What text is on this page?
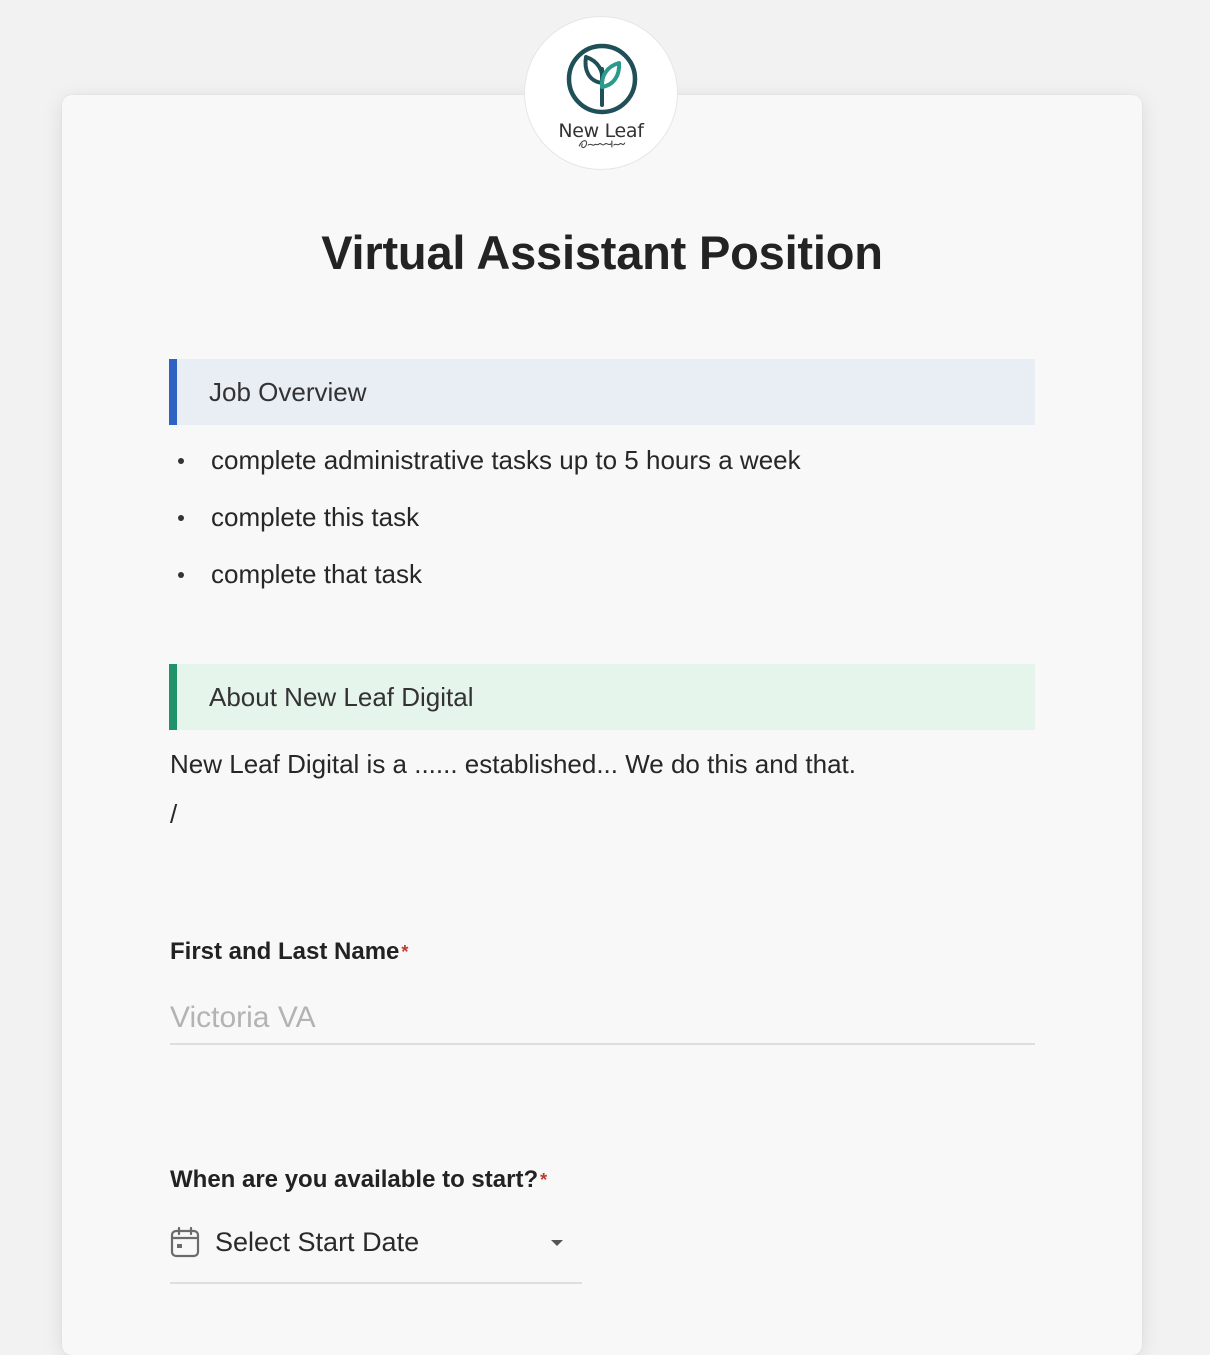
New Leaf
Virtual Assistant Position
Job Overview
complete administrative tasks up to 5 hours a week
complete this task
complete that task
About New Leaf Digital

New Leaf Digital is a ...... established... We do this and that.

/
First and Last Name *
Victoria VA
When are you available to start? *
Select Start Date
